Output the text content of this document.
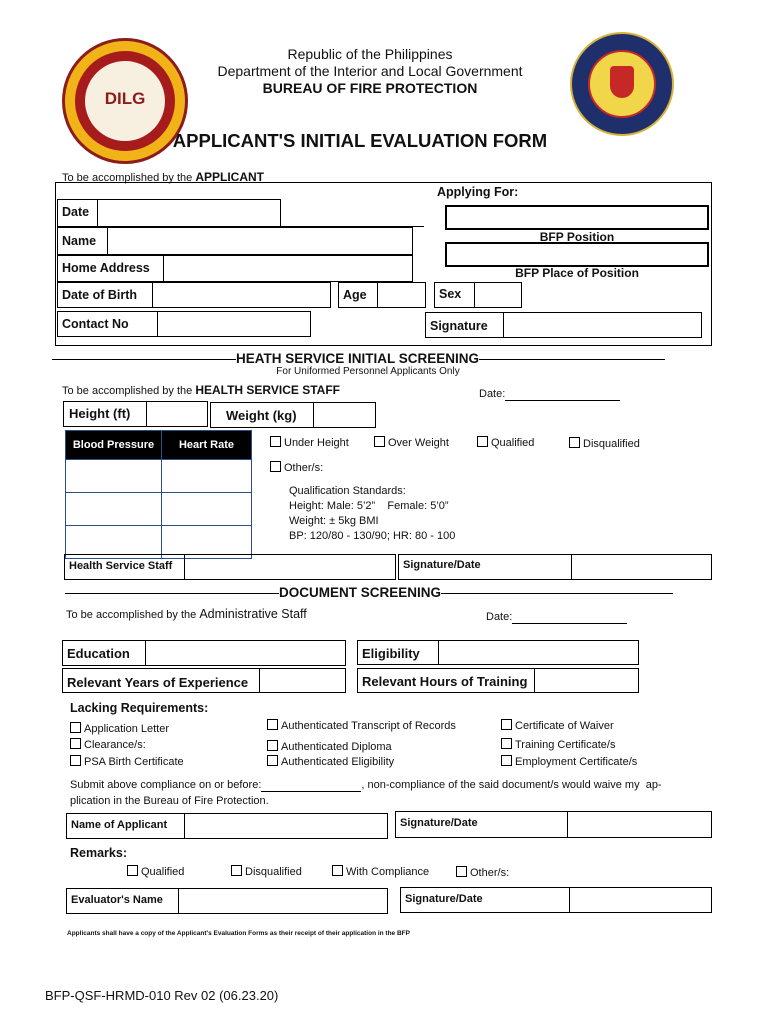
DILG
Republic of the Philippines
Department of the Interior and Local Government
BUREAU OF FIRE PROTECTION
APPLICANT'S INITIAL EVALUATION FORM
To be accomplished by the APPLICANT
Date
Name
Home Address
Date of Birth	Age	Sex
Contact No	Signature
Applying For:
BFP Position
BFP Place of Position
HEATH SERVICE INITIAL SCREENING
For Uniformed Personnel Applicants Only
To be accomplished by the HEALTH SERVICE STAFF	Date:
Height (ft)	Weight (kg)
Blood Pressure	Heart Rate

		Under Height	Over Weight	Qualified	Disqualified
Other/s:
Qualification Standards:
Height: Male: 5’2”    Female: 5’0”
Weight: ± 5kg BMI
BP: 120/80 - 130/90; HR: 80 - 100
Health Service Staff	Signature/Date
DOCUMENT SCREENING
To be accomplished by the Administrative Staff	Date:
Education	Eligibility
Relevant Years of Experience	Relevant Hours of Training
Lacking Requirements:
Application Letter
Clearance/s:
PSA Birth Certificate
Authenticated Transcript of Records
Authenticated Diploma
Authenticated Eligibility
Certificate of Waiver
Training Certificate/s
Employment Certificate/s
Submit above compliance on or before:	, non-compliance of the said document/s would waive my  ap-
plication in the Bureau of Fire Protection.
Name of Applicant	Signature/Date
Remarks:
Qualified	Disqualified	With Compliance	Other/s:
Evaluator's Name	Signature/Date
Applicants shall have a copy of the Applicant's Evaluation Forms as their receipt of their application in the BFP
BFP-QSF-HRMD-010 Rev 02 (06.23.20)
